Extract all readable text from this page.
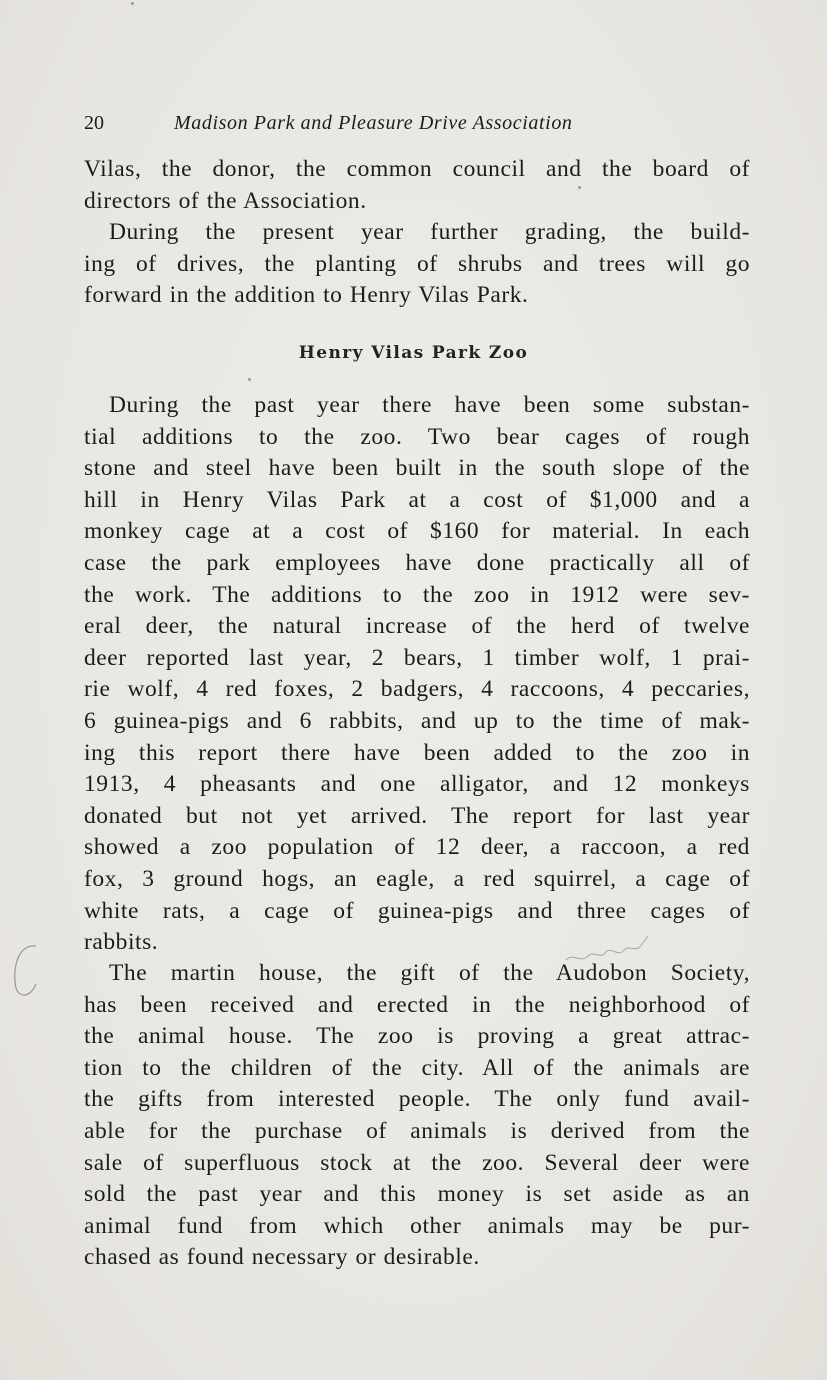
20	Madison Park and Pleasure Drive Association
Vilas, the donor, the common council and the board of
directors of the Association.
During the present year further grading, the build-
ing of drives, the planting of shrubs and trees will go
forward in the addition to Henry Vilas Park.
Henry Vilas Park Zoo
During the past year there have been some substan-
tial additions to the zoo. Two bear cages of rough
stone and steel have been built in the south slope of the
hill in Henry Vilas Park at a cost of $1,000 and a
monkey cage at a cost of $160 for material. In each
case the park employees have done practically all of
the work. The additions to the zoo in 1912 were sev-
eral deer, the natural increase of the herd of twelve
deer reported last year, 2 bears, 1 timber wolf, 1 prai-
rie wolf, 4 red foxes, 2 badgers, 4 raccoons, 4 peccaries,
6 guinea-pigs and 6 rabbits, and up to the time of mak-
ing this report there have been added to the zoo in
1913, 4 pheasants and one alligator, and 12 monkeys
donated but not yet arrived. The report for last year
showed a zoo population of 12 deer, a raccoon, a red
fox, 3 ground hogs, an eagle, a red squirrel, a cage of
white rats, a cage of guinea-pigs and three cages of
rabbits.
The martin house, the gift of the Audobon Society,
has been received and erected in the neighborhood of
the animal house. The zoo is proving a great attrac-
tion to the children of the city. All of the animals are
the gifts from interested people. The only fund avail-
able for the purchase of animals is derived from the
sale of superfluous stock at the zoo. Several deer were
sold the past year and this money is set aside as an
animal fund from which other animals may be pur-
chased as found necessary or desirable.
